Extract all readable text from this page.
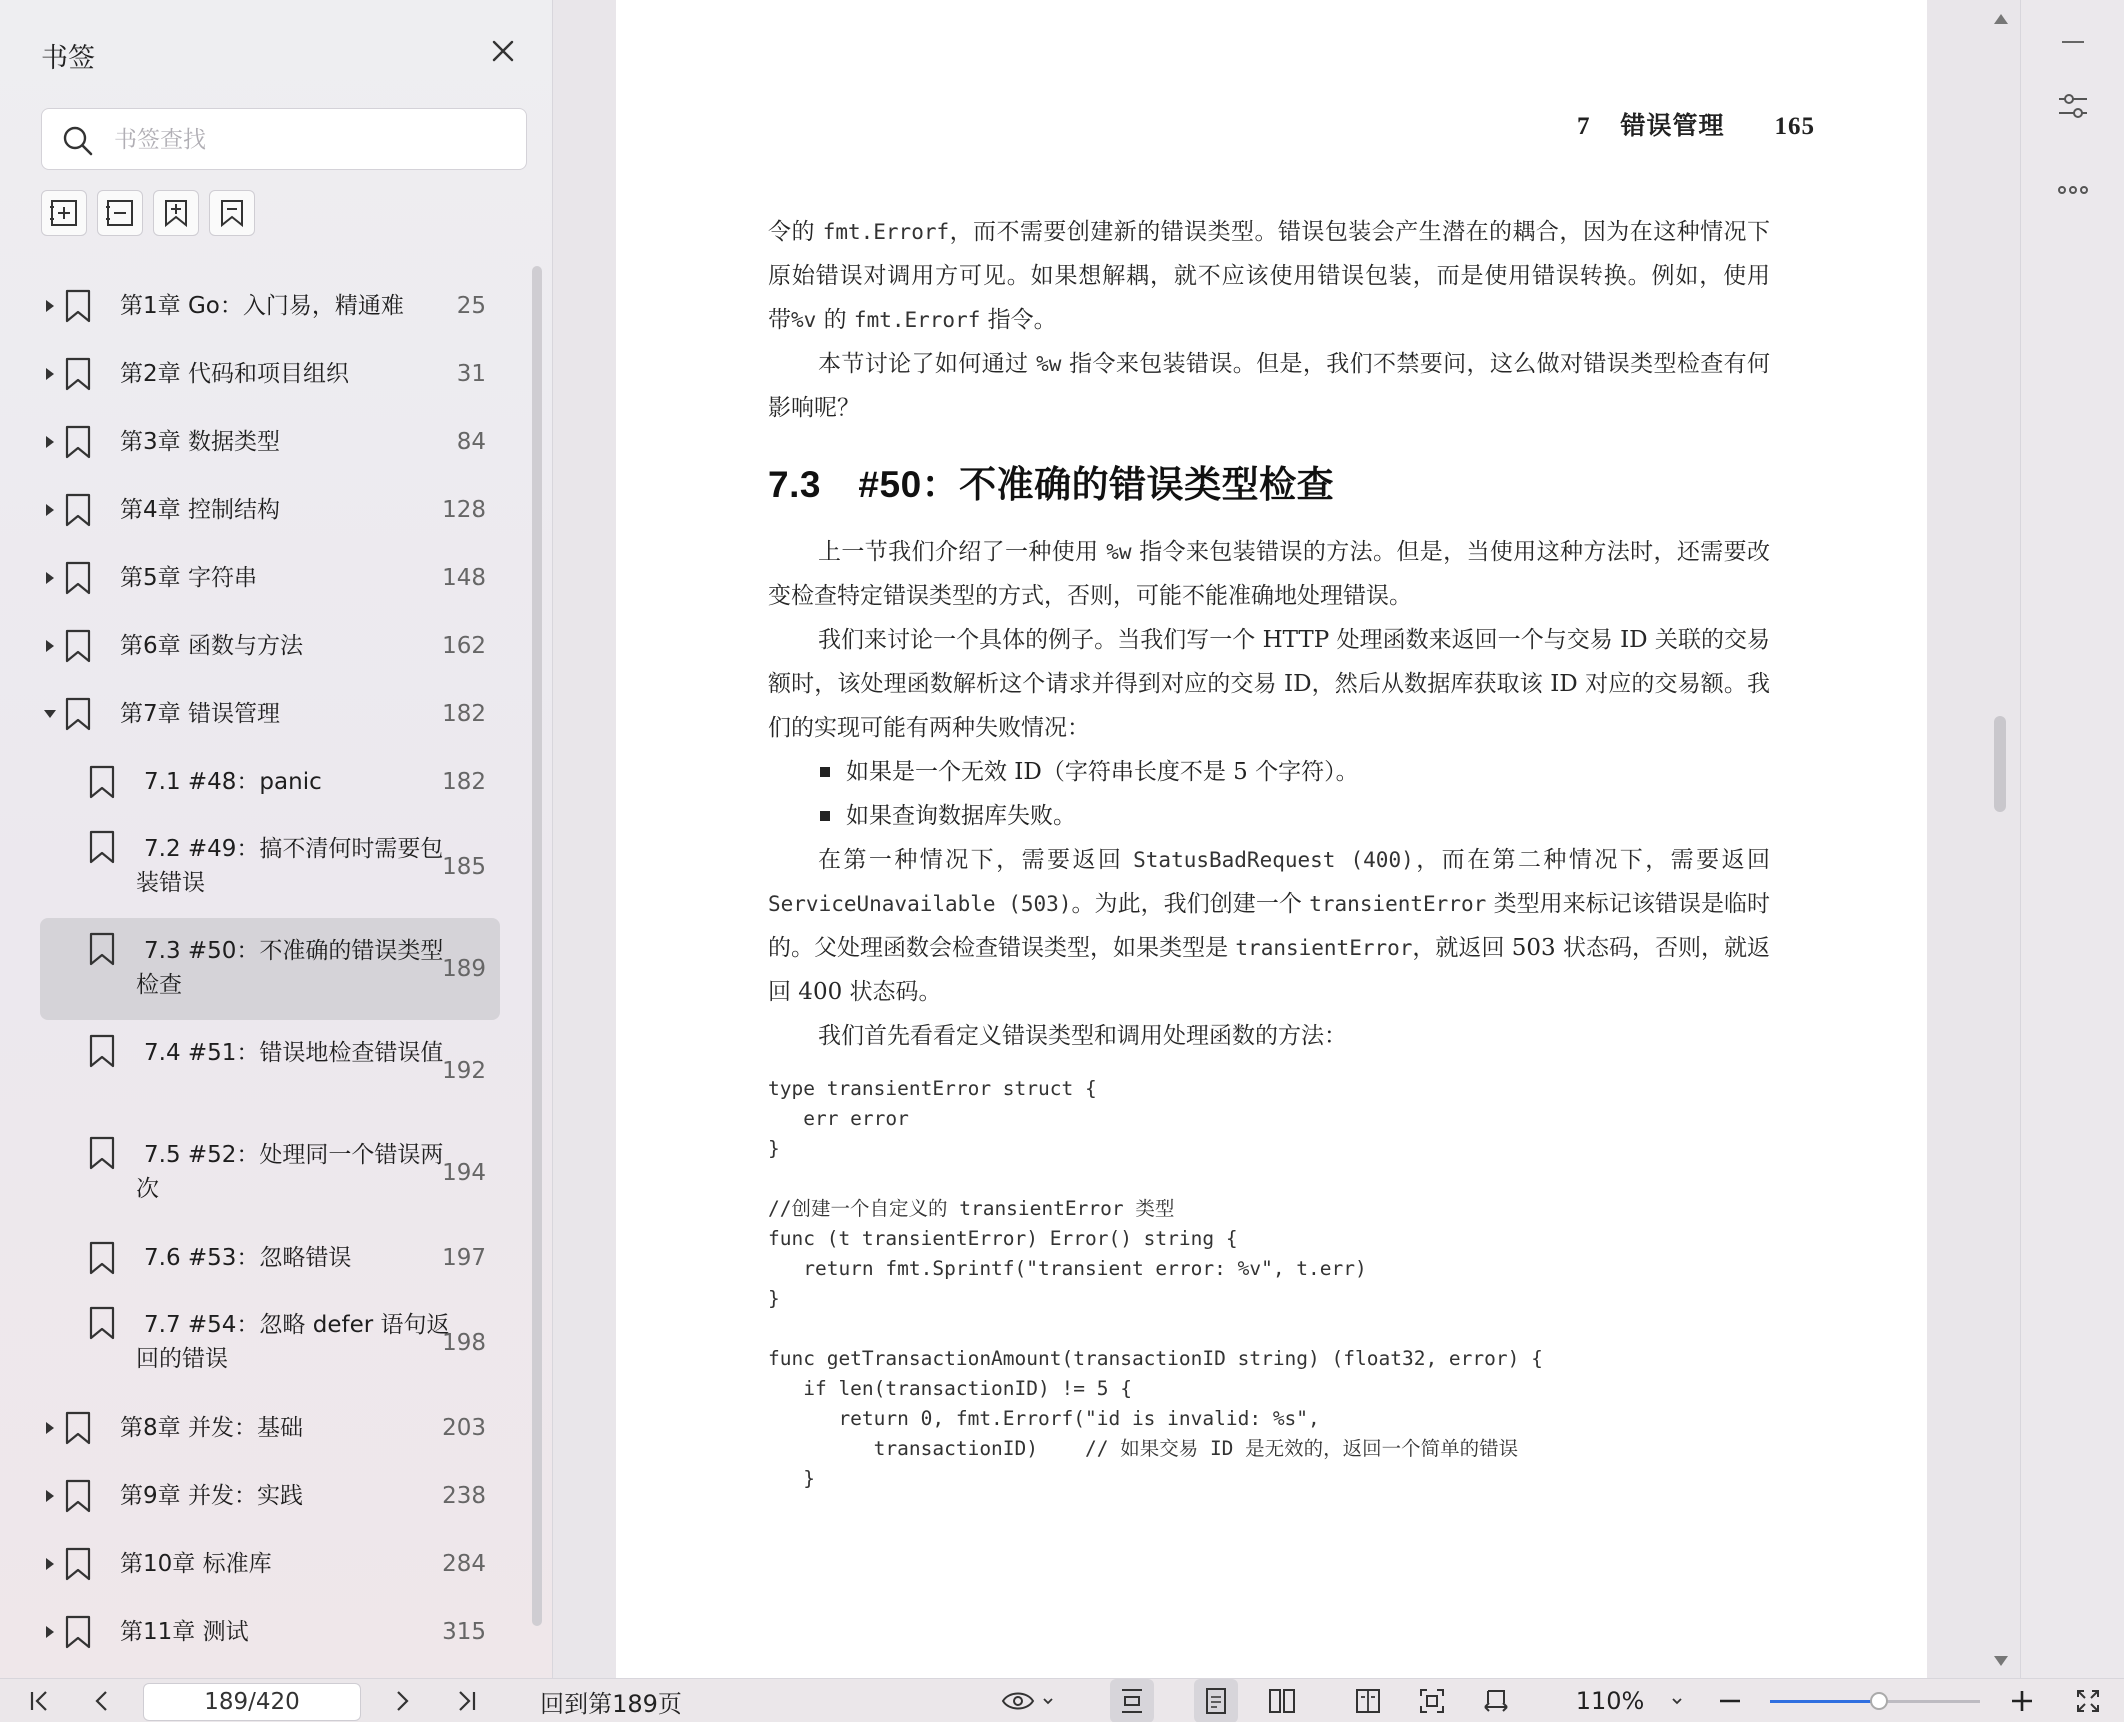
书签
书签查找
第1章 Go：入门易，精通难 25
第2章 代码和项目组织	31
第3章 数据类型	84
第4章 控制结构	128
第5章 字符串	148
第6章 函数与方法	162
第7章 错误管理	182
7.1 #48：panic	182
7.2 #49：搞不清何时需要包装错误
185
7.3 #50：不准确的错误类型检查
189
7.4 #51：错误地检查错误值
192
7.5 #52：处理同一个错误两次
194
7.6 #53：忽略错误	197
7.7 #54：忽略 defer 语句返回的错误
198
第8章 并发：基础	203
第9章 并发：实践	238
第10章 标准库	284
第11章 测试	315
7 错误管理 165

令的 fmt.Errorf，而不需要创建新的错误类型。错误包装会产生潜在的耦合，因为在这种情况下原始错误对调用方可见。如果想解耦，就不应该使用错误包装，而是使用错误转换。例如，使用带%v 的 fmt.Errorf 指令。

本节讨论了如何通过 %w 指令来包装错误。但是，我们不禁要问，这么做对错误类型检查有何影响呢？

7.3　#50：不准确的错误类型检查

上一节我们介绍了一种使用 %w 指令来包装错误的方法。但是，当使用这种方法时，还需要改变检查特定错误类型的方式，否则，可能不能准确地处理错误。

我们来讨论一个具体的例子。当我们写一个 HTTP 处理函数来返回一个与交易 ID 关联的交易额时，该处理函数解析这个请求并得到对应的交易 ID，然后从数据库获取该 ID 对应的交易额。我们的实现可能有两种失败情况：

如果是一个无效 ID（字符串长度不是 5 个字符）。
如果查询数据库失败。

在第一种情况下，需要返回 StatusBadRequest (400)，而在第二种情况下，需要返回 ServiceUnavailable (503)。为此，我们创建一个 transientError 类型用来标记该错误是临时的。父处理函数会检查错误类型，如果类型是 transientError，就返回 503 状态码，否则，就返回 400 状态码。

我们首先看看定义错误类型和调用处理函数的方法：

type transientError struct {
err error
}

//创建一个自定义的 transientError 类型
func (t transientError) Error() string {
return fmt.Sprintf("transient error: %v", t.err)
}

func getTransactionAmount(transactionID string) (float32, error) {
if len(transactionID) != 5 {
return 0, fmt.Errorf("id is invalid: %s",
transactionID)    // 如果交易 ID 是无效的，返回一个简单的错误
}
189/420	回到第189页	110%
